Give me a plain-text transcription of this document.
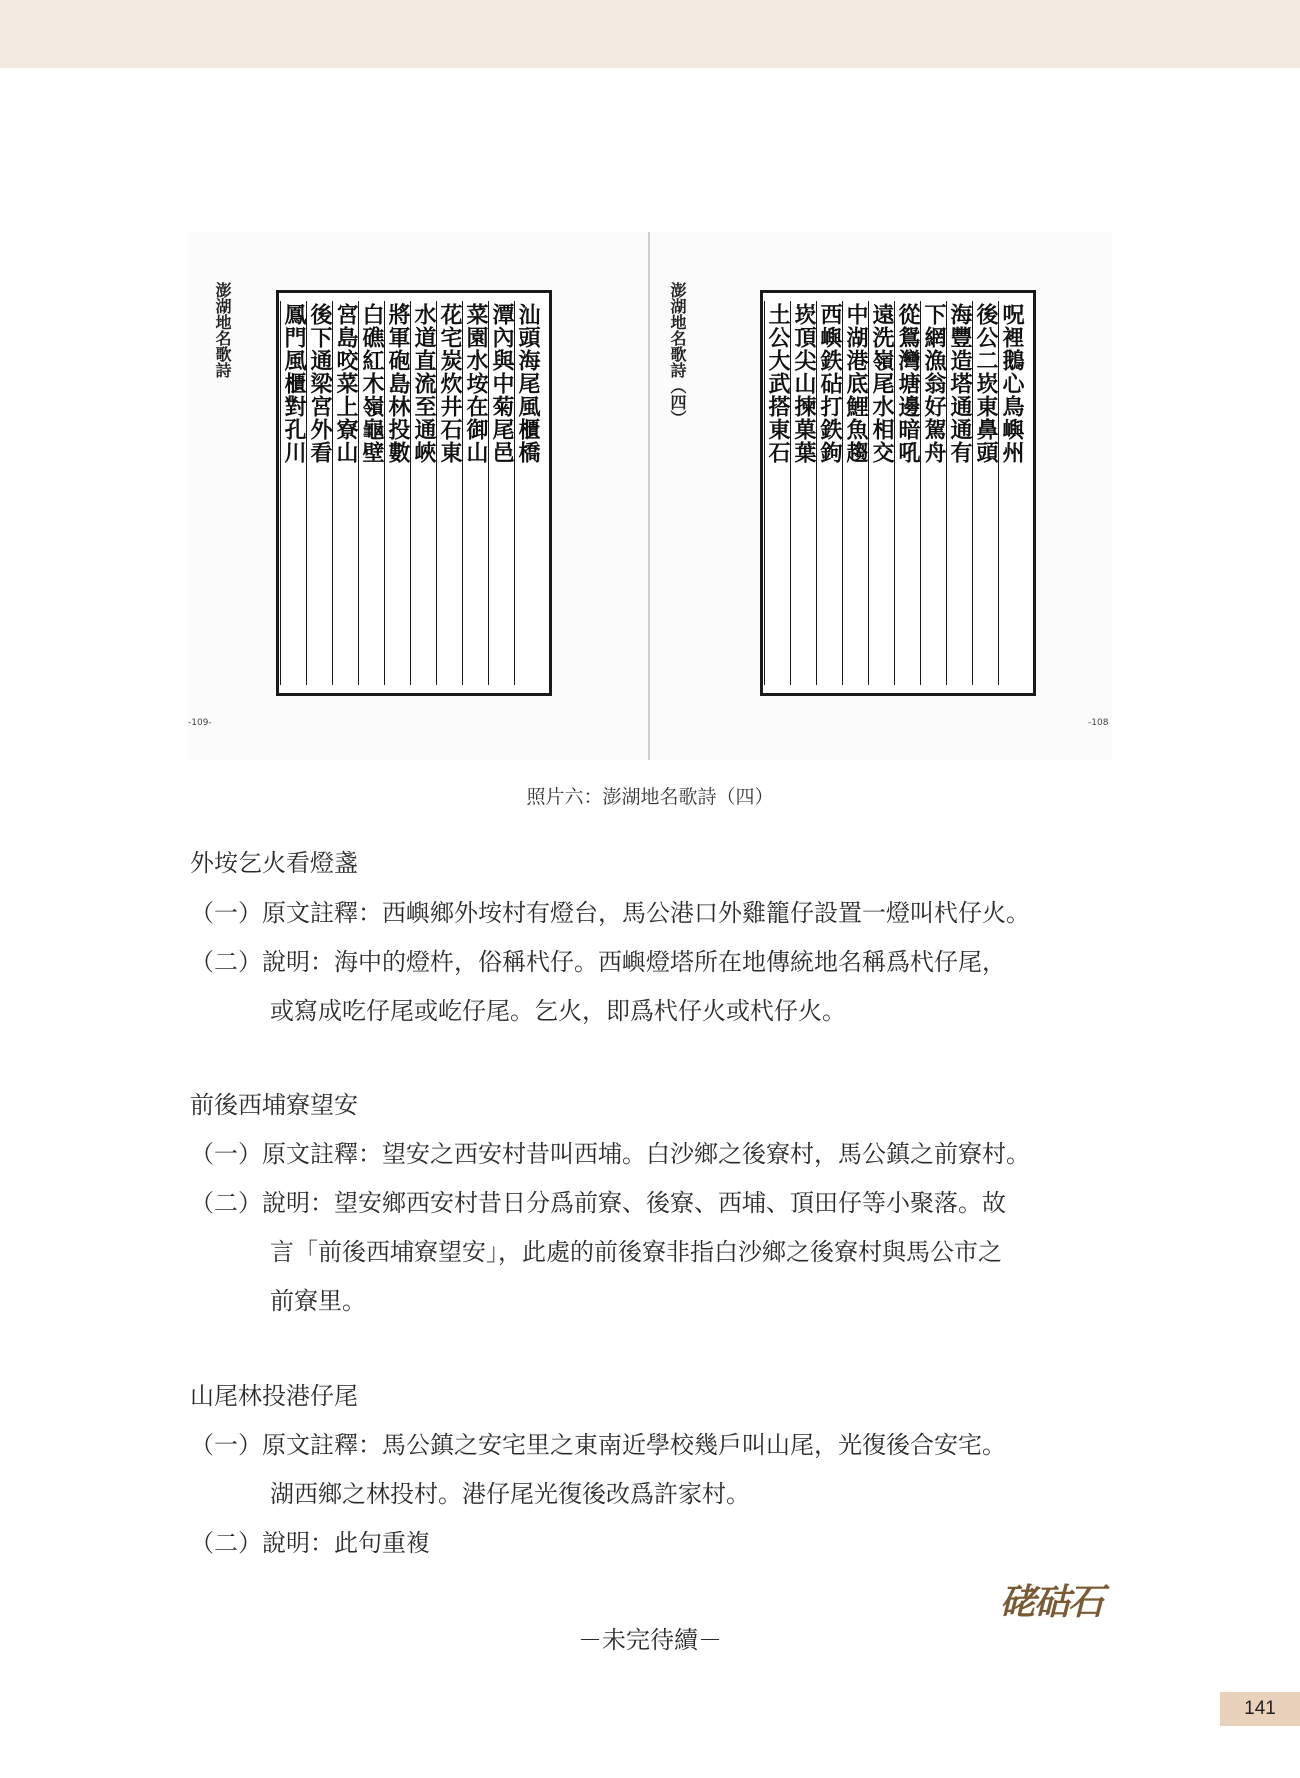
澎湖地名歌詩	汕頭海尾風櫃橋
潭內與中菊尾邑
菜園水垵在御山
花宅炭炊井石東
水道直流至通峽
將軍砲島林投數
白礁紅木嶺龜壁
宮島咬菜上寮山
後下通梁宮外看
鳳門風櫃對孔川
-109-
澎湖地名歌詩（四）	呪裡鵝心鳥嶼州
後公二崁東鼻頭
海豐造塔通通有
下網漁翁好駕舟
從鴛灣塘邊暗吼
遠洗嶺尾水相交
中湖港底鯉魚趨
西嶼鉄砧打鉄鉤
崁頂尖山揀菓葉
土公大武搭東石
-108
照片六：澎湖地名歌詩（四）
外垵乞火看燈盞
（一）原文註釋：西嶼鄉外垵村有燈台，馬公港口外雞籠仔設置一燈叫杙仔火。
（二）說明：海中的燈杵，俗稱杙仔。西嶼燈塔所在地傳統地名稱爲杙仔尾，
或寫成吃仔尾或屹仔尾。乞火，即爲杙仔火或杙仔火。
前後西埔寮望安
（一）原文註釋：望安之西安村昔叫西埔。白沙鄉之後寮村，馬公鎮之前寮村。
（二）說明：望安鄉西安村昔日分爲前寮、後寮、西埔、頂田仔等小聚落。故
言「前後西埔寮望安」，此處的前後寮非指白沙鄉之後寮村與馬公市之
前寮里。
山尾林投港仔尾
（一）原文註釋：馬公鎮之安宅里之東南近學校幾戶叫山尾，光復後合安宅。
湖西鄉之林投村。港仔尾光復後改爲許家村。
（二）說明：此句重複
硓𥑮石
－未完待續－
141
